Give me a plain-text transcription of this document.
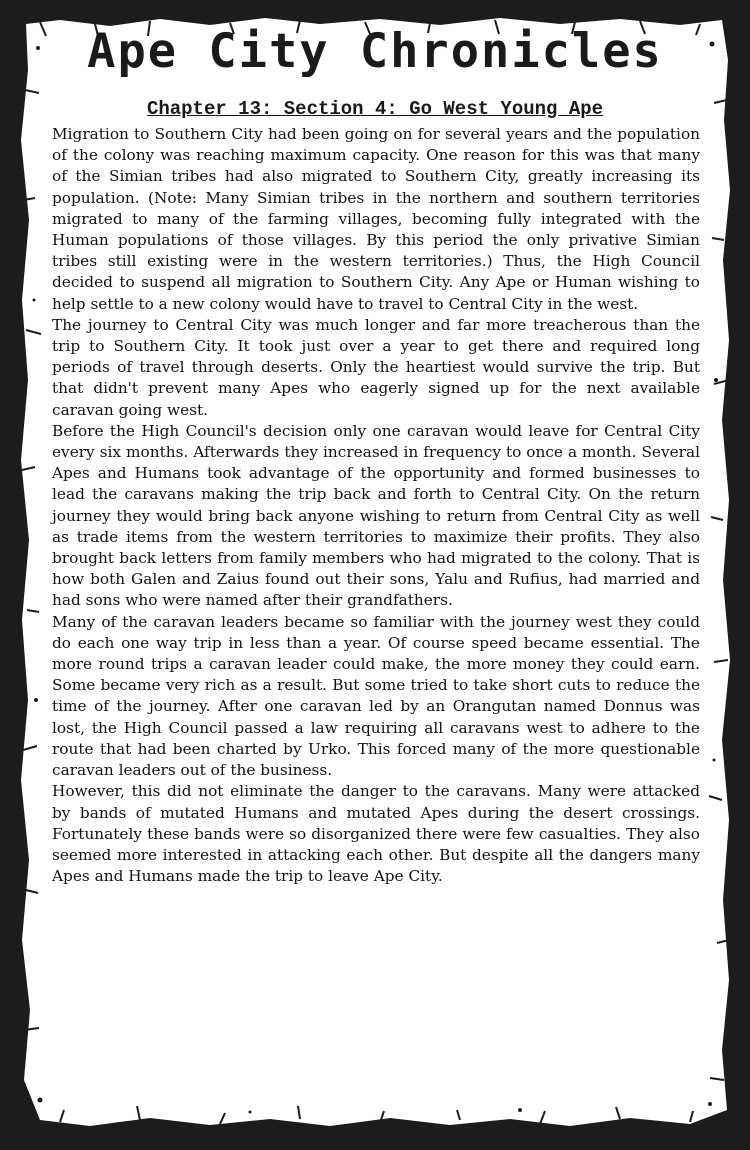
Ape City Chronicles
Chapter 13: Section 4: Go West Young Ape

Migration to Southern City had been going on for several years and the population of the colony was reaching maximum capacity. One reason for this was that many of the Simian tribes had also migrated to Southern City, greatly increasing its population. (Note: Many Simian tribes in the northern and southern territories migrated to many of the farming villages, becoming fully integrated with the Human populations of those villages. By this period the only privative Simian tribes still existing were in the western territories.) Thus, the High Council decided to suspend all migration to Southern City. Any Ape or Human wishing to help settle to a new colony would have to travel to Central City in the west.

The journey to Central City was much longer and far more treacherous than the trip to Southern City. It took just over a year to get there and required long periods of travel through deserts. Only the heartiest would survive the trip. But that didn't prevent many Apes who eagerly signed up for the next available caravan going west.

Before the High Council's decision only one caravan would leave for Central City every six months. Afterwards they increased in frequency to once a month. Several Apes and Humans took advantage of the opportunity and formed businesses to lead the caravans making the trip back and forth to Central City. On the return journey they would bring back anyone wishing to return from Central City as well as trade items from the western territories to maximize their profits. They also brought back letters from family members who had migrated to the colony. That is how both Galen and Zaius found out their sons, Yalu and Rufius, had married and had sons who were named after their grandfathers.

Many of the caravan leaders became so familiar with the journey west they could do each one way trip in less than a year. Of course speed became essential. The more round trips a caravan leader could make, the more money they could earn. Some became very rich as a result. But some tried to take short cuts to reduce the time of the journey. After one caravan led by an Orangutan named Donnus was lost, the High Council passed a law requiring all caravans west to adhere to the route that had been charted by Urko. This forced many of the more questionable caravan leaders out of the business.

However, this did not eliminate the danger to the caravans. Many were attacked by bands of mutated Humans and mutated Apes during the desert crossings. Fortunately these bands were so disorganized there were few casualties. They also seemed more interested in attacking each other. But despite all the dangers many Apes and Humans made the trip to leave Ape City.
